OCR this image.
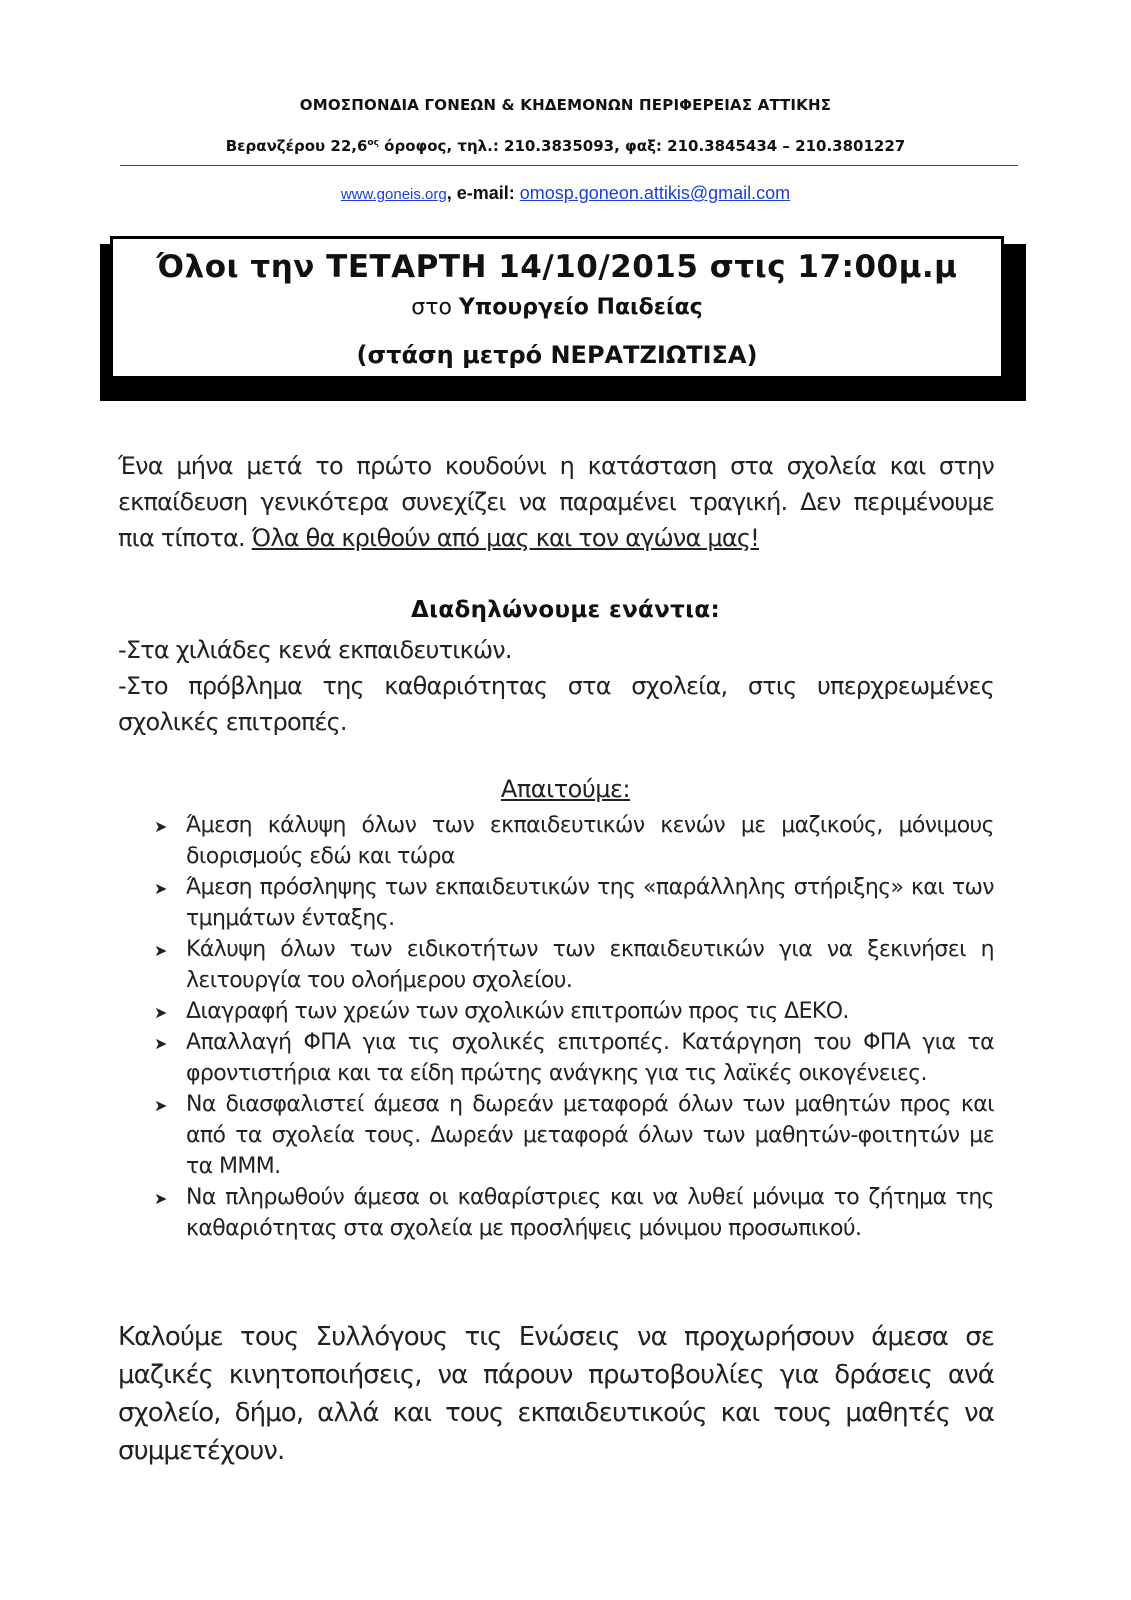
ΟΜΟΣΠΟΝΔΙΑ ΓΟΝΕΩΝ & ΚΗΔΕΜΟΝΩΝ ΠΕΡΙΦΕΡΕΙΑΣ ΑΤΤΙΚΗΣ
Βερανζέρου $22,6^{o\varsigma}$ όροφος, τηλ.: 210.3835093, φαξ: 210.3845434 – 210.3801227
www.goneis.org, e-mail: omosp.goneon.attikis@gmail.com
Όλοι την ΤΕΤΑΡΤΗ 14/10/2015 στις 17:00μ.μ
στο Υπουργείο Παιδείας
(στάση μετρό ΝΕΡΑΤΖΙΩΤΙΣΑ)
Ένα μήνα μετά το πρώτο κουδούνι η κατάσταση στα σχολεία και στην εκπαίδευση γενικότερα συνεχίζει να παραμένει τραγική. Δεν περιμένουμε πια τίποτα. Όλα θα κριθούν από μας και τον αγώνα μας!
Διαδηλώνουμε ενάντια:

-Στα χιλιάδες κενά εκπαιδευτικών.

-Στο πρόβλημα της καθαριότητας στα σχολεία, στις υπερχρεωμένες σχολικές επιτροπές.

Απαιτούμε:
➤ Άμεση κάλυψη όλων των εκπαιδευτικών κενών με μαζικούς, μόνιμους διορισμούς εδώ και τώρα
➤ Άμεση πρόσληψης των εκπαιδευτικών της «παράλληλης στήριξης» και των τμημάτων ένταξης.
➤ Κάλυψη όλων των ειδικοτήτων των εκπαιδευτικών για να ξεκινήσει η λειτουργία του ολοήμερου σχολείου.
➤ Διαγραφή των χρεών των σχολικών επιτροπών προς τις ΔΕΚΟ.
➤ Απαλλαγή ΦΠΑ για τις σχολικές επιτροπές. Κατάργηση του ΦΠΑ για τα φροντιστήρια και τα είδη πρώτης ανάγκης για τις λαϊκές οικογένειες.
➤ Να διασφαλιστεί άμεσα η δωρεάν μεταφορά όλων των μαθητών προς και από τα σχολεία τους. Δωρεάν μεταφορά όλων των μαθητών-φοιτητών με τα ΜΜΜ.
➤ Να πληρωθούν άμεσα οι καθαρίστριες και να λυθεί μόνιμα το ζήτημα της καθαριότητας στα σχολεία με προσλήψεις μόνιμου προσωπικού.
Καλούμε τους Συλλόγους τις Ενώσεις να προχωρήσουν άμεσα σε μαζικές κινητοποιήσεις, να πάρουν πρωτοβουλίες για δράσεις ανά σχολείο, δήμο, αλλά και τους εκπαιδευτικούς και τους μαθητές να συμμετέχουν.
